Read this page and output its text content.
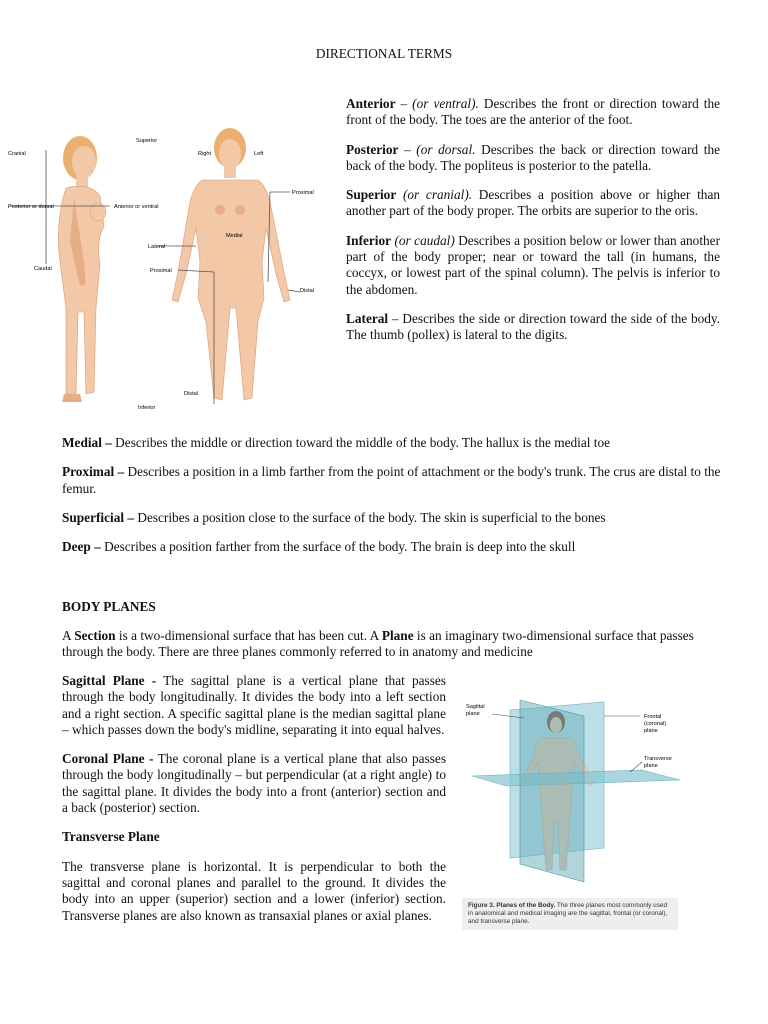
DIRECTIONAL TERMS
Superior
Right	Left
Cranial
Proximal
Posterior or dorsal	Anterior or ventral
Medial
Lateral
Proximal
Caudal
Distal
Distal
Inferior

Anterior – (or ventral). Describes the front or direction toward the front of the body. The toes are the anterior of the foot.

Posterior – (or dorsal. Describes the back or direction toward the back of the body. The popliteus is posterior to the patella.

Superior (or cranial). Describes a position above or higher than another part of the body proper. The orbits are superior to the oris.

Inferior (or caudal) Describes a position below or lower than another part of the body proper; near or toward the tall (in humans, the coccyx, or lowest part of the spinal column). The pelvis is inferior to the abdomen.

Lateral – Describes the side or direction toward the side of the body. The thumb (pollex) is lateral to the digits.

Medial – Describes the middle or direction toward the middle of the body. The hallux is the medial toe

Proximal – Describes a position in a limb farther from the point of attachment or the body's trunk. The crus are distal to the femur.

Superficial – Describes a position close to the surface of the body. The skin is superficial to the bones

Deep – Describes a position farther from the surface of the body. The brain is deep into the skull

BODY PLANES
A Section is a two-dimensional surface that has been cut. A Plane is an imaginary two-dimensional surface that passes through the body. There are three planes commonly referred to in anatomy and medicine

Sagittal Plane - The sagittal plane is a vertical plane that passes through the body longitudinally. It divides the body into a left section and a right section. A specific sagittal plane is the median sagittal plane – which passes down the body's midline, separating it into equal halves.

Coronal Plane - The coronal plane is a vertical plane that also passes through the body longitudinally – but perpendicular (at a right angle) to the sagittal plane. It divides the body into a front (anterior) section and a back (posterior) section.

Transverse Plane

The transverse plane is horizontal. It is perpendicular to both the sagittal and coronal planes and parallel to the ground. It divides the body into an upper (superior) section and a lower (inferior) section. Transverse planes are also known as transaxial planes or axial planes.

Sagittal plane	Frontal (coronal) plane
Transverse plane
Figure 3. Planes of the Body. The three planes most commonly used in anatomical and medical imaging are the sagittal, frontal (or coronal), and transverse plane.
